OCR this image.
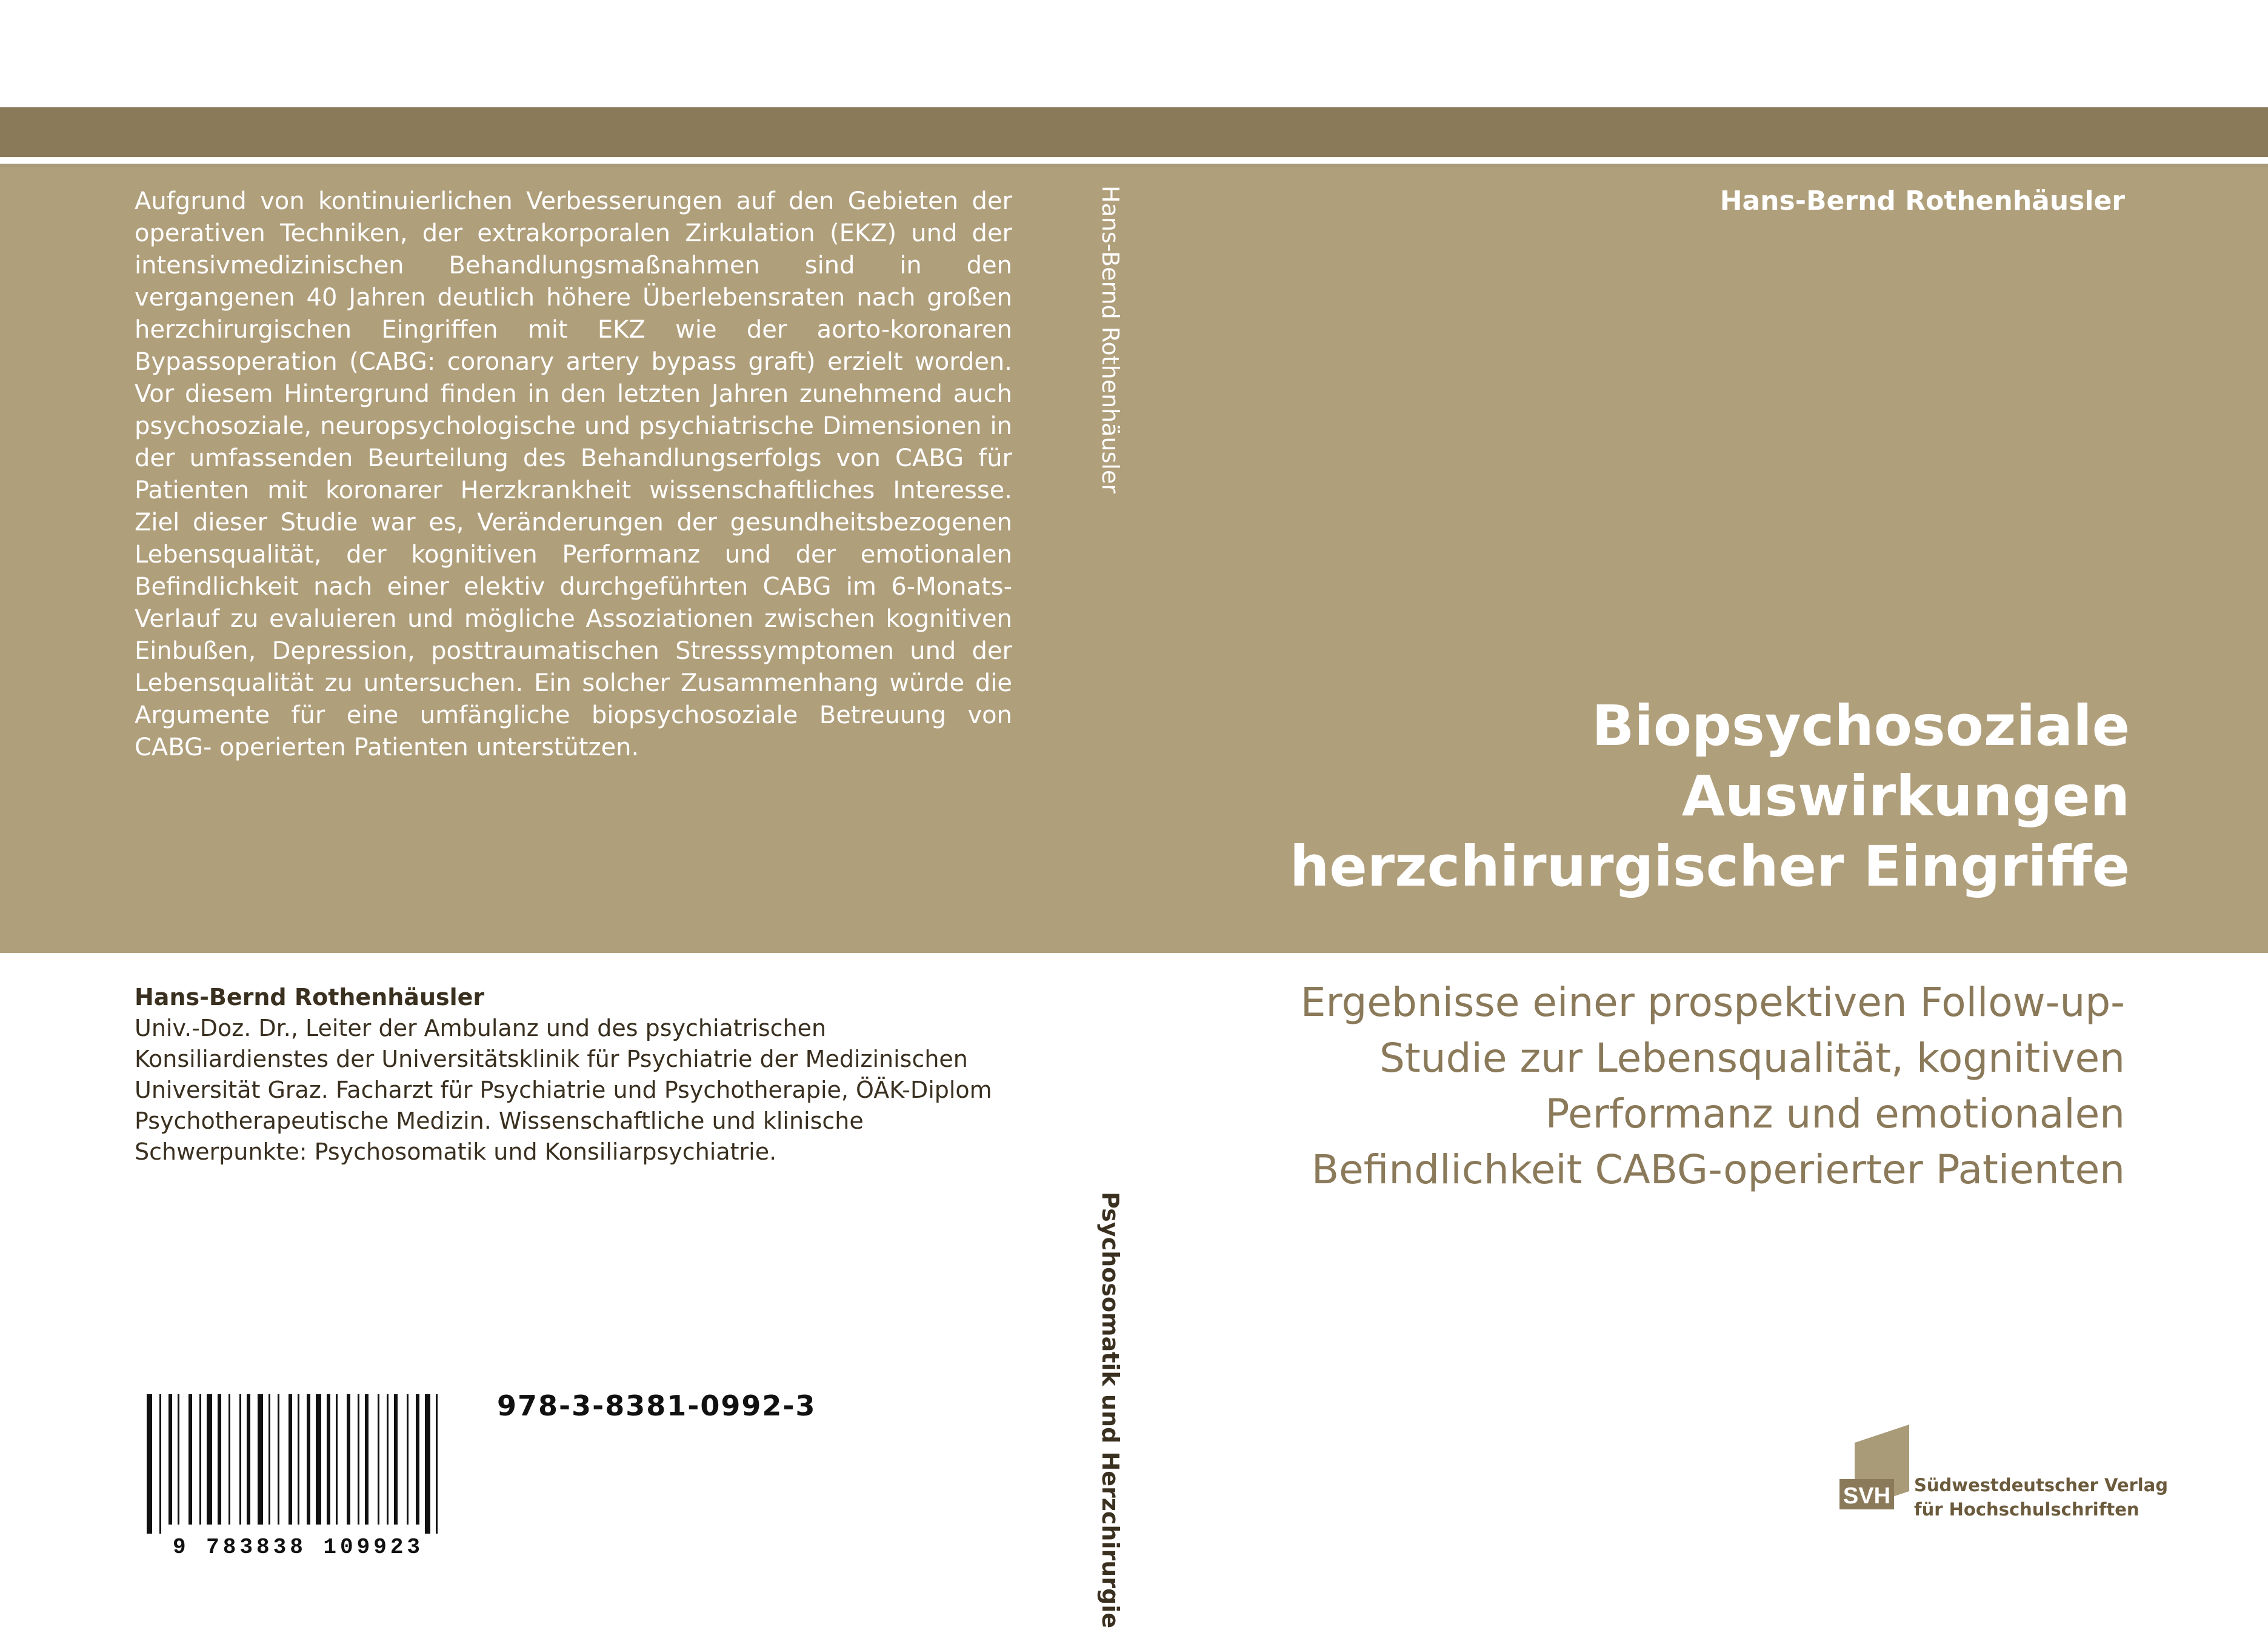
Aufgrund von kontinuierlichen Verbesserungen auf den Gebieten der operativen Techniken, der extrakorporalen Zirkulation (EKZ) und der intensivmedizinischen Behandlungsmaßnahmen sind in den vergangenen 40 Jahren deutlich höhere Überlebensraten nach großen herzchirurgischen Eingriffen mit EKZ wie der aorto-koronaren Bypassoperation (CABG: coronary artery bypass graft) erzielt worden. Vor diesem Hintergrund finden in den letzten Jahren zunehmend auch psychosoziale, neuropsychologische und psychiatrische Dimensionen in der umfassenden Beurteilung des Behandlungserfolgs von CABG für Patienten mit koronarer Herzkrankheit wissenschaftliches Interesse. Ziel dieser Studie war es, Veränderungen der gesundheitsbezogenen Lebensqualität, der kognitiven Performanz und der emotionalen Befindlichkeit nach einer elektiv durchgeführten CABG im 6-Monats-Verlauf zu evaluieren und mögliche Assoziationen zwischen kognitiven Einbußen, Depression, posttraumatischen Stresssymptomen und der Lebensqualität zu untersuchen. Ein solcher Zusammenhang würde die Argumente für eine umfängliche biopsychosoziale Betreuung von CABG- operierten Patienten unterstützen.
Hans-Bernd Rothenhäusler	Hans-Bernd Rothenhäusler
Biopsychosoziale
Auswirkungen
herzchirurgischer Eingriffe
Hans-Bernd Rothenhäusler
Univ.-Doz. Dr., Leiter der Ambulanz und des psychiatrischen Konsiliardienstes der Universitätsklinik für Psychiatrie der Medizinischen Universität Graz. Facharzt für Psychiatrie und Psychotherapie, ÖÄK-Diplom Psychotherapeutische Medizin. Wissenschaftliche und klinische Schwerpunkte: Psychosomatik und Konsiliarpsychiatrie.
Ergebnisse einer prospektiven Follow-up-
Studie zur Lebensqualität, kognitiven
Performanz und emotionalen
Befindlichkeit CABG-operierter Patienten
Psychosomatik und Herzchirurgie
9 783838 109923
978-3-8381-0992-3
SVH Südwestdeutscher Verlag
für Hochschulschriften
